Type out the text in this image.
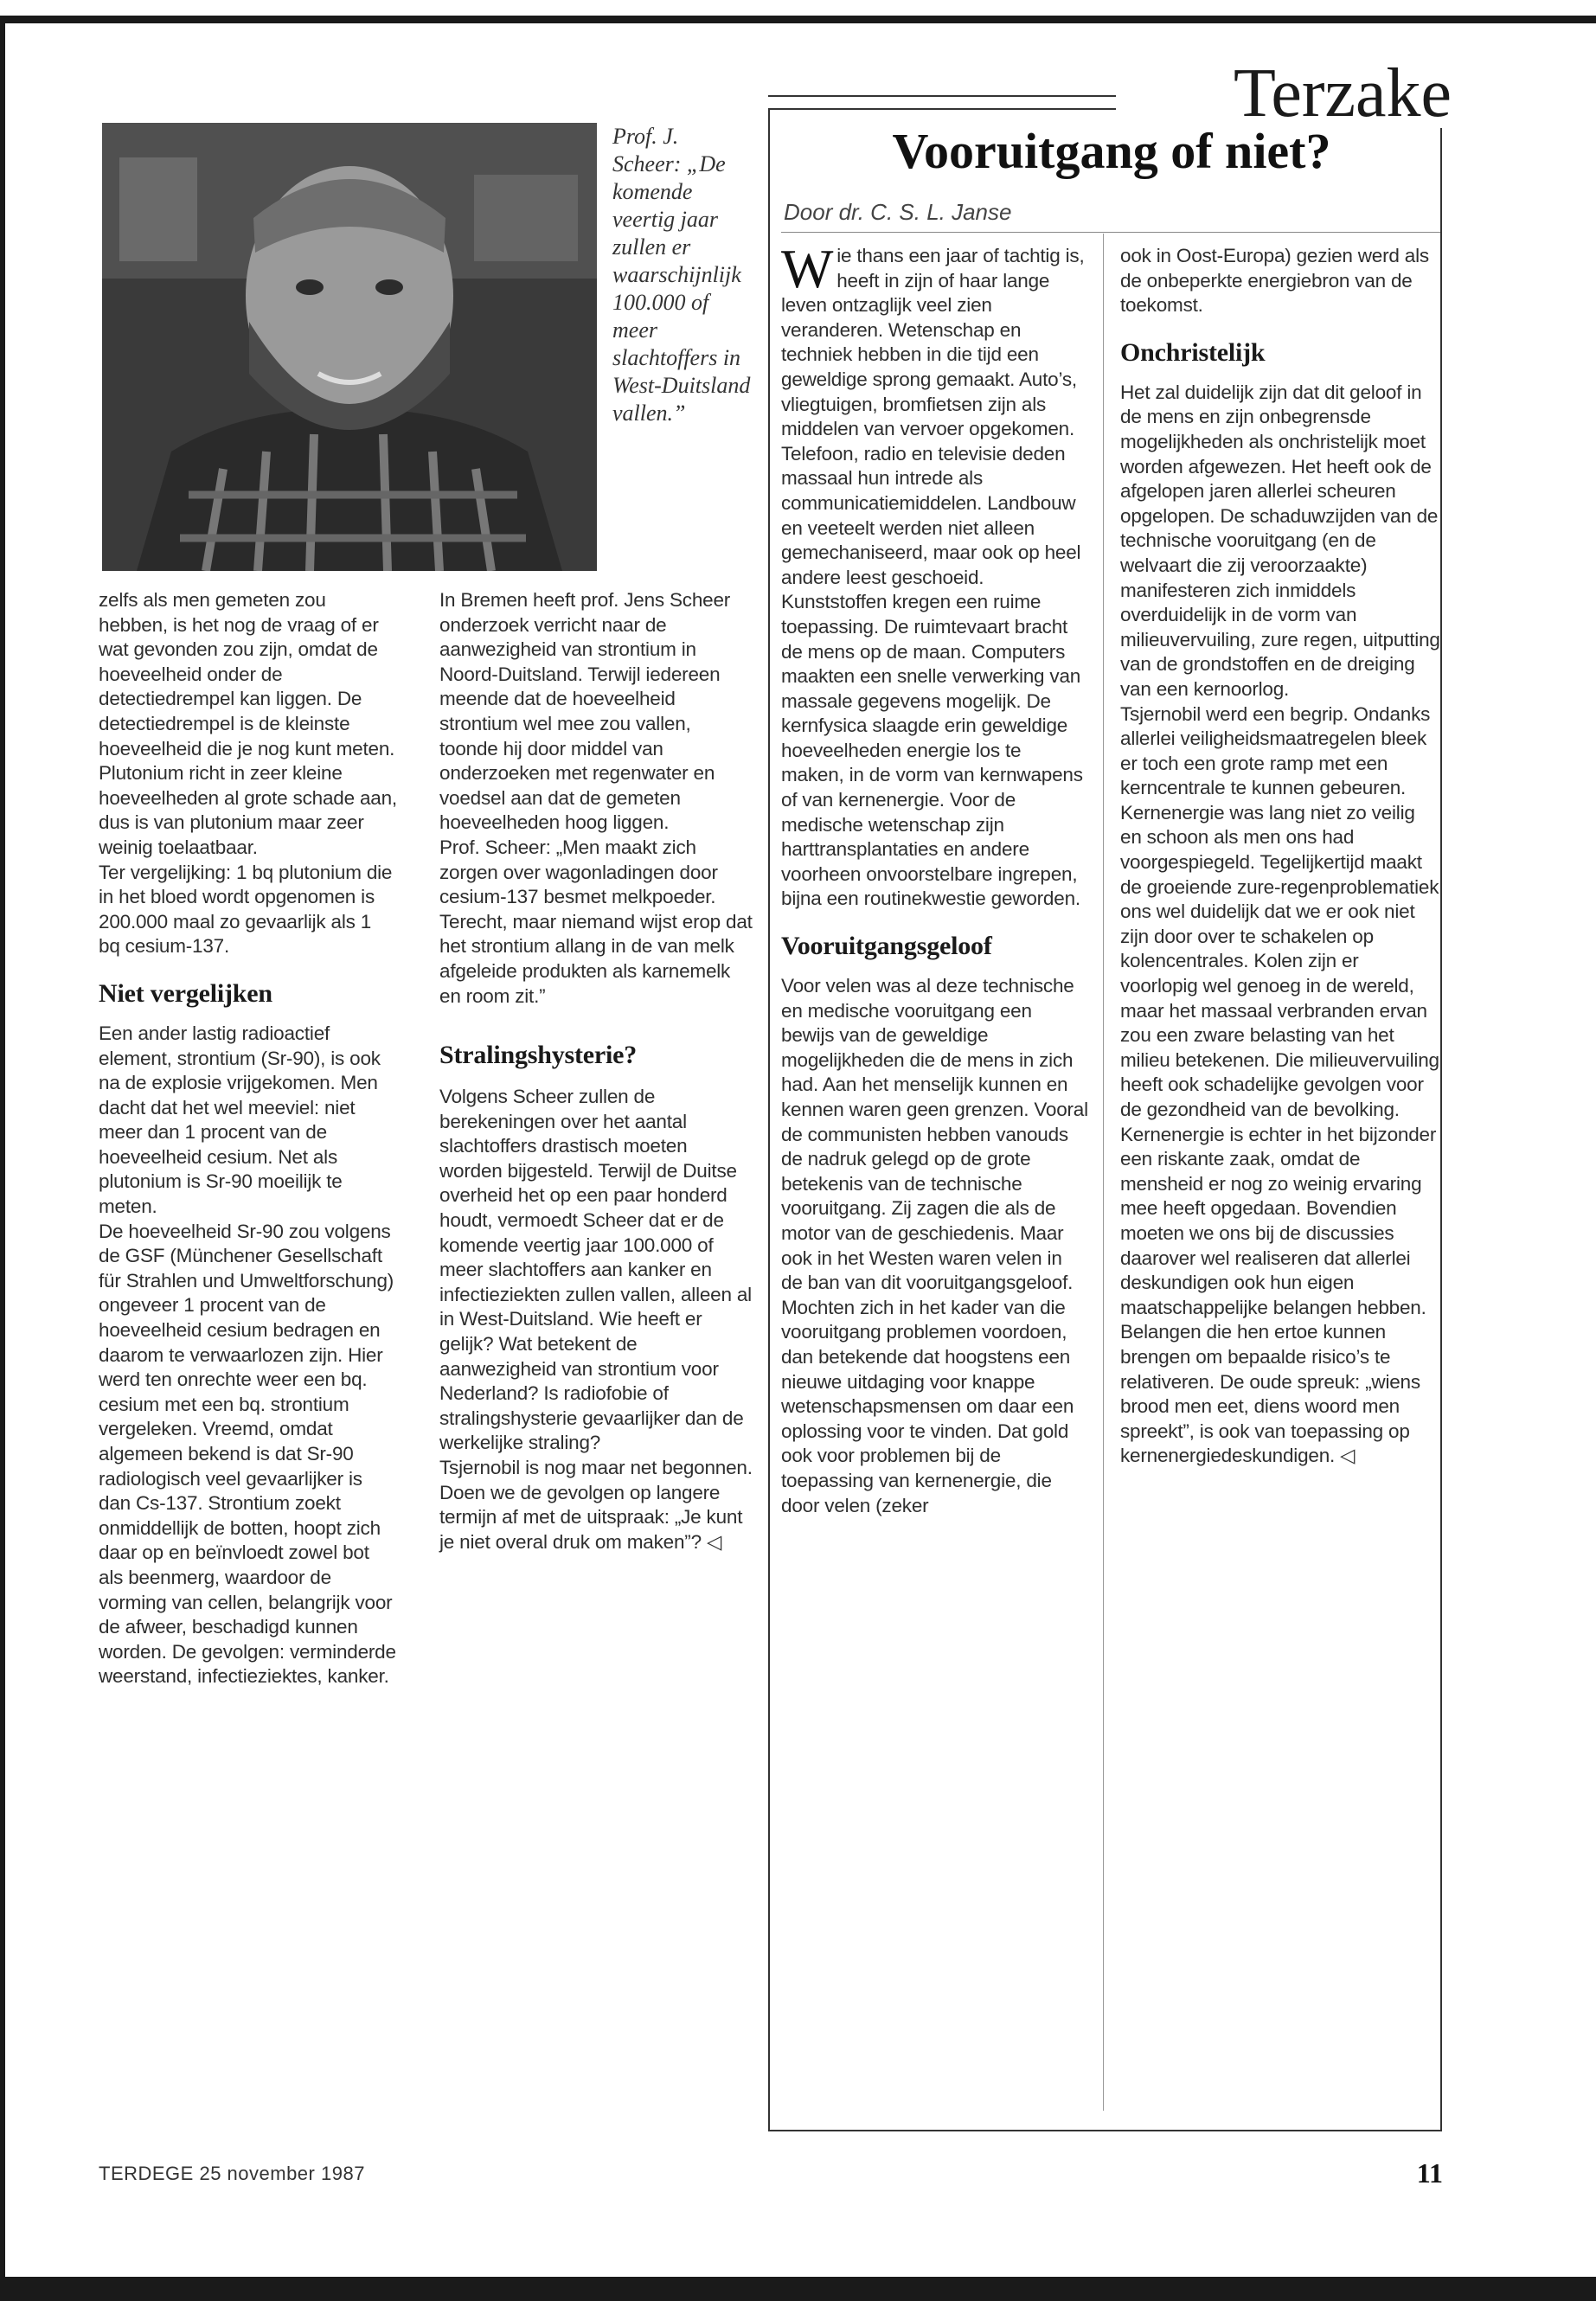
Prof. J. Scheer: „De komende veertig jaar zullen er waarschijnlijk 100.000 of meer slachtoffers in West-Duitsland vallen.”

zelfs als men gemeten zou hebben, is het nog de vraag of er wat gevonden zou zijn, omdat de hoeveelheid onder de detectiedrempel kan liggen. De detectiedrempel is de kleinste hoeveelheid die je nog kunt meten. Plutonium richt in zeer kleine hoeveelheden al grote schade aan, dus is van plutonium maar zeer weinig toelaatbaar.

Ter vergelijking: 1 bq plutonium die in het bloed wordt opgenomen is 200.000 maal zo gevaarlijk als 1 bq cesium-137.

Niet vergelijken

Een ander lastig radioactief element, strontium (Sr-90), is ook na de explosie vrijgekomen. Men dacht dat het wel meeviel: niet meer dan 1 procent van de hoeveelheid cesium. Net als plutonium is Sr-90 moeilijk te meten.

De hoeveelheid Sr-90 zou volgens de GSF (Münchener Gesellschaft für Strahlen und Umweltforschung) ongeveer 1 procent van de hoeveelheid cesium bedragen en daarom te verwaarlozen zijn. Hier werd ten onrechte weer een bq. cesium met een bq. strontium vergeleken. Vreemd, omdat algemeen bekend is dat Sr-90 radiologisch veel gevaarlijker is dan Cs-137. Strontium zoekt onmiddellijk de botten, hoopt zich daar op en beïnvloedt zowel bot als beenmerg, waardoor de vorming van cellen, belangrijk voor de afweer, beschadigd kunnen worden. De gevolgen: verminderde weerstand, infectieziektes, kanker.

In Bremen heeft prof. Jens Scheer onderzoek verricht naar de aanwezigheid van strontium in Noord-Duitsland. Terwijl iedereen meende dat de hoeveelheid strontium wel mee zou vallen, toonde hij door middel van onderzoeken met regenwater en voedsel aan dat de gemeten hoeveelheden hoog liggen.

Prof. Scheer: „Men maakt zich zorgen over wagonladingen door cesium-137 besmet melkpoeder. Terecht, maar niemand wijst erop dat het strontium allang in de van melk afgeleide produkten als karnemelk en room zit.”

Stralingshysterie?

Volgens Scheer zullen de berekeningen over het aantal slachtoffers drastisch moeten worden bijgesteld. Terwijl de Duitse overheid het op een paar honderd houdt, vermoedt Scheer dat er de komende veertig jaar 100.000 of meer slachtoffers aan kanker en infectieziekten zullen vallen, alleen al in West-Duitsland. Wie heeft er gelijk? Wat betekent de aanwezigheid van strontium voor Nederland? Is radiofobie of stralingshysterie gevaarlijker dan de werkelijke straling?

Tsjernobil is nog maar net begonnen. Doen we de gevolgen op langere termijn af met de uitspraak: „Je kunt je niet overal druk om maken”? ◁

Terzake
Vooruitgang of niet?
Door dr. C. S. L. Janse

Wie thans een jaar of tachtig is, heeft in zijn of haar lange leven ontzaglijk veel zien veranderen. Wetenschap en techniek hebben in die tijd een geweldige sprong gemaakt. Auto’s, vliegtuigen, bromfietsen zijn als middelen van vervoer opgekomen. Telefoon, radio en televisie deden massaal hun intrede als communicatiemiddelen. Landbouw en veeteelt werden niet alleen gemechaniseerd, maar ook op heel andere leest geschoeid. Kunststoffen kregen een ruime toepassing. De ruimtevaart bracht de mens op de maan. Computers maakten een snelle verwerking van massale gegevens mogelijk. De kernfysica slaagde erin geweldige hoeveelheden energie los te maken, in de vorm van kernwapens of van kernenergie. Voor de medische wetenschap zijn harttransplantaties en andere voorheen onvoorstelbare ingrepen, bijna een routinekwestie geworden.

Vooruitgangsgeloof

Voor velen was al deze technische en medische vooruitgang een bewijs van de geweldige mogelijkheden die de mens in zich had. Aan het menselijk kunnen en kennen waren geen grenzen. Vooral de communisten hebben vanouds de nadruk gelegd op de grote betekenis van de technische vooruitgang. Zij zagen die als de motor van de geschiedenis. Maar ook in het Westen waren velen in de ban van dit vooruitgangsgeloof.

Mochten zich in het kader van die vooruitgang problemen voordoen, dan betekende dat hoogstens een nieuwe uitdaging voor knappe wetenschapsmensen om daar een oplossing voor te vinden. Dat gold ook voor problemen bij de toepassing van kernenergie, die door velen (zeker

ook in Oost-Europa) gezien werd als de onbeperkte energiebron van de toekomst.

Onchristelijk

Het zal duidelijk zijn dat dit geloof in de mens en zijn onbegrensde mogelijkheden als onchristelijk moet worden afgewezen. Het heeft ook de afgelopen jaren allerlei scheuren opgelopen. De schaduwzijden van de technische vooruitgang (en de welvaart die zij veroorzaakte) manifesteren zich inmiddels overduidelijk in de vorm van milieuvervuiling, zure regen, uitputting van de grondstoffen en de dreiging van een kernoorlog.

Tsjernobil werd een begrip. Ondanks allerlei veiligheidsmaatregelen bleek er toch een grote ramp met een kerncentrale te kunnen gebeuren. Kernenergie was lang niet zo veilig en schoon als men ons had voorgespiegeld. Tegelijkertijd maakt de groeiende zure-regenproblematiek ons wel duidelijk dat we er ook niet zijn door over te schakelen op kolencentrales. Kolen zijn er voorlopig wel genoeg in de wereld, maar het massaal verbranden ervan zou een zware belasting van het milieu betekenen. Die milieuvervuiling heeft ook schadelijke gevolgen voor de gezondheid van de bevolking.

Kernenergie is echter in het bijzonder een riskante zaak, omdat de mensheid er nog zo weinig ervaring mee heeft opgedaan. Bovendien moeten we ons bij de discussies daarover wel realiseren dat allerlei deskundigen ook hun eigen maatschappelijke belangen hebben. Belangen die hen ertoe kunnen brengen om bepaalde risico’s te relativeren. De oude spreuk: „wiens brood men eet, diens woord men spreekt”, is ook van toepassing op kernenergiedeskundigen. ◁

TERDEGE 25 november 1987	11
